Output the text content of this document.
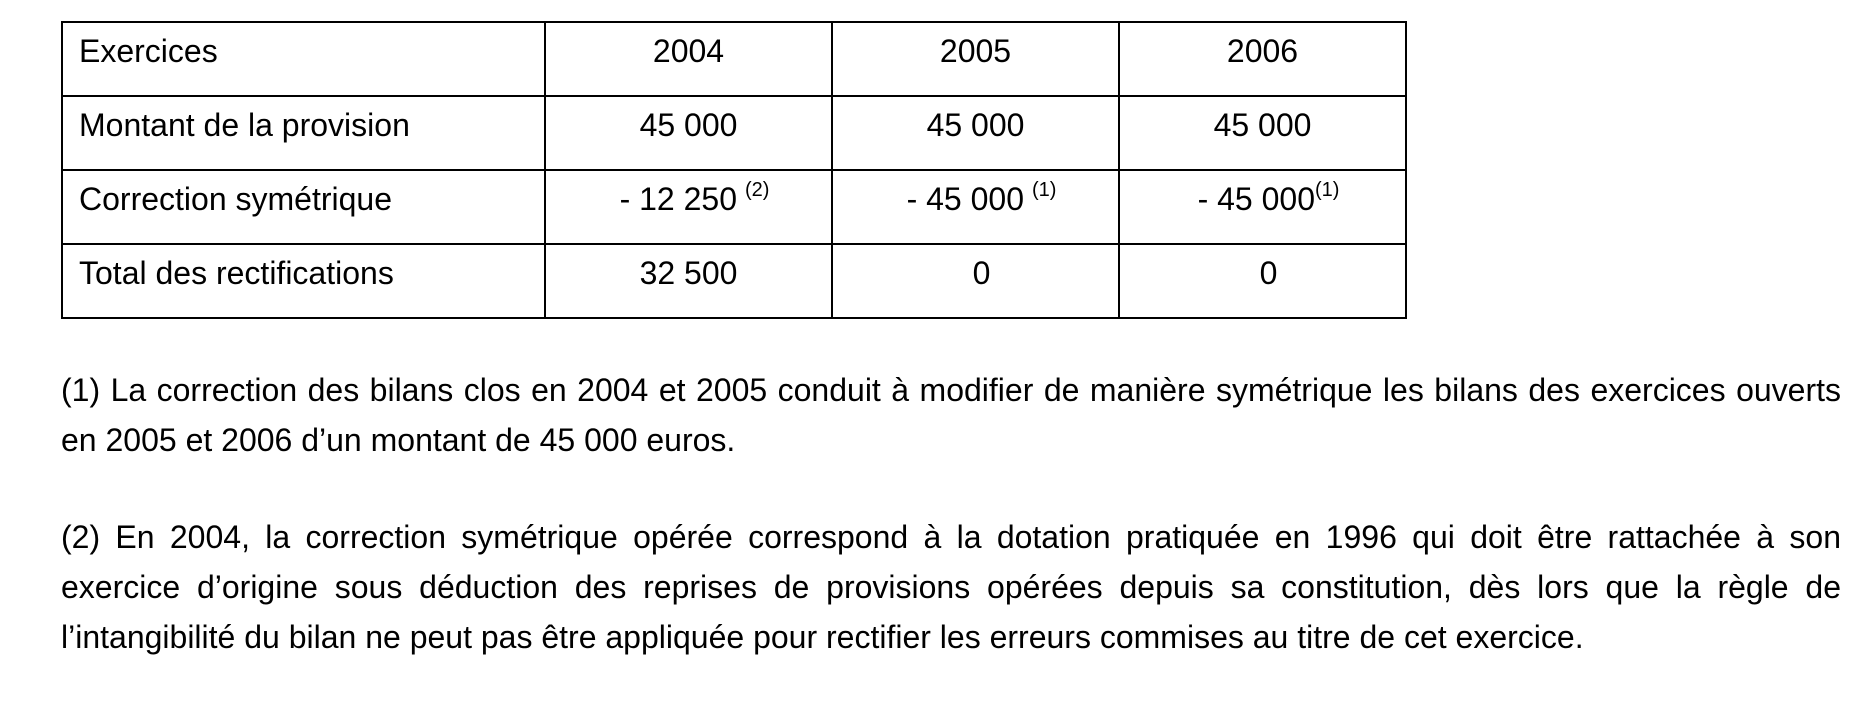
Exercices	2004	2005	2006

Montant de la provision	45 000	45 000	45 000

Correction symétrique	- 12 250 $^{(2)}$	- 45 000 $^{(1)}$	- 45 000$^{(1)}$

Total des rectifications	32 500	0	0

(1) La correction des bilans clos en 2004 et 2005 conduit à modifier de manière symétrique les bilans des exercices ouverts en 2005 et 2006 d’un montant de 45 000 euros.

(2) En 2004, la correction symétrique opérée correspond à la dotation pratiquée en 1996 qui doit être rattachée à son exercice d’origine sous déduction des reprises de provisions opérées depuis sa constitution, dès lors que la règle de l’intangibilité du bilan ne peut pas être appliquée pour rectifier les erreurs commises au titre de cet exercice.
